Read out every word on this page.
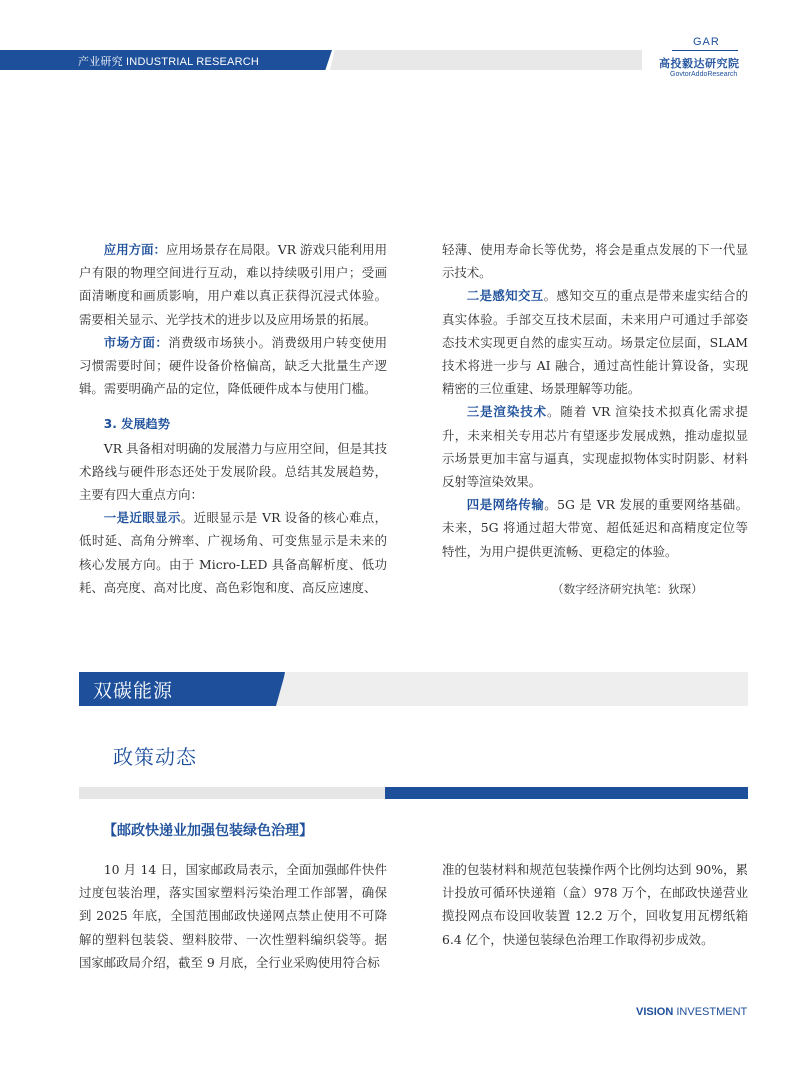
产业研究 INDUSTRIAL RESEARCH
GAR
高投毅达研究院
GovtorAddoResearch

应用方面：应用场景存在局限。VR 游戏只能利用用户有限的物理空间进行互动，难以持续吸引用户；受画面清晰度和画质影响，用户难以真正获得沉浸式体验。需要相关显示、光学技术的进步以及应用场景的拓展。

市场方面：消费级市场狭小。消费级用户转变使用习惯需要时间；硬件设备价格偏高，缺乏大批量生产逻辑。需要明确产品的定位，降低硬件成本与使用门槛。

3. 发展趋势

VR 具备相对明确的发展潜力与应用空间，但是其技术路线与硬件形态还处于发展阶段。总结其发展趋势，主要有四大重点方向：

一是近眼显示。近眼显示是 VR 设备的核心难点，低时延、高角分辨率、广视场角、可变焦显示是未来的核心发展方向。由于 Micro-LED 具备高解析度、低功耗、高亮度、高对比度、高色彩饱和度、高反应速度、

轻薄、使用寿命长等优势，将会是重点发展的下一代显示技术。

二是感知交互。感知交互的重点是带来虚实结合的真实体验。手部交互技术层面，未来用户可通过手部姿态技术实现更自然的虚实互动。场景定位层面，SLAM 技术将进一步与 AI 融合，通过高性能计算设备，实现精密的三位重建、场景理解等功能。

三是渲染技术。随着 VR 渲染技术拟真化需求提升，未来相关专用芯片有望逐步发展成熟，推动虚拟显示场景更加丰富与逼真，实现虚拟物体实时阴影、材料反射等渲染效果。

四是网络传输。5G 是 VR 发展的重要网络基础。未来，5G 将通过超大带宽、超低延迟和高精度定位等特性，为用户提供更流畅、更稳定的体验。

（数字经济研究执笔：狄琛）
双碳能源
政策动态
【邮政快递业加强包装绿色治理】

10 月 14 日，国家邮政局表示，全面加强邮件快件过度包装治理，落实国家塑料污染治理工作部署，确保到 2025 年底，全国范围邮政快递网点禁止使用不可降解的塑料包装袋、塑料胶带、一次性塑料编织袋等。据国家邮政局介绍，截至 9 月底，全行业采购使用符合标

准的包装材料和规范包装操作两个比例均达到 90%，累计投放可循环快递箱（盒）978 万个，在邮政快递营业揽投网点布设回收装置 12.2 万个，回收复用瓦楞纸箱 6.4 亿个，快递包装绿色治理工作取得初步成效。

VISION INVESTMENT
